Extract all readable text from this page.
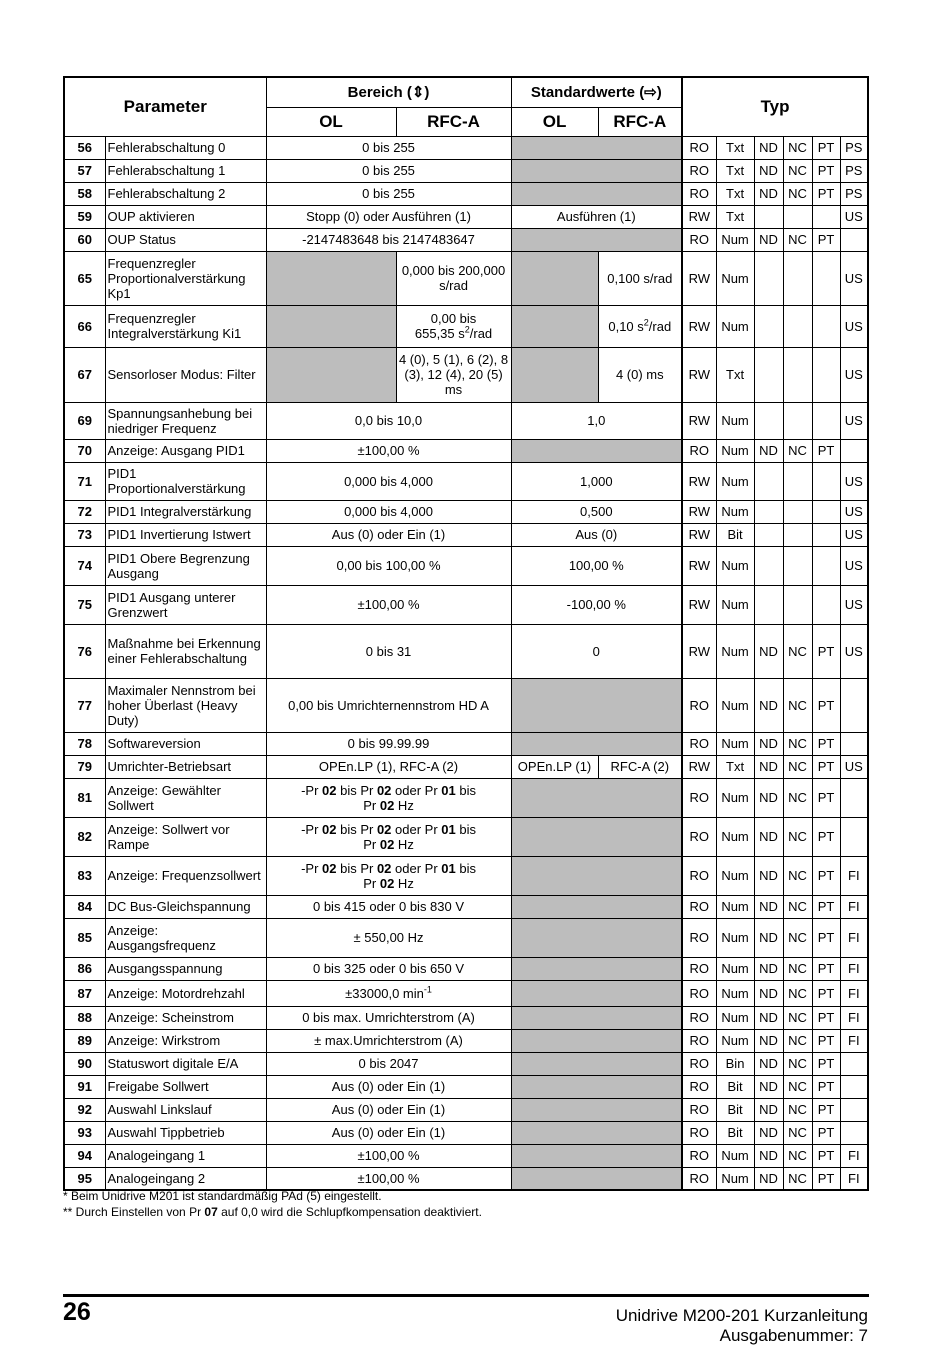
Parameter		Bereich (⇕)		Standardwerte (⇨)		Typ					
		OL	RFC-A	OL	RFC-A						
56	Fehlerabschaltung 0	0 bis 255				RO	Txt	ND	NC	PT	PS
57	Fehlerabschaltung 1	0 bis 255				RO	Txt	ND	NC	PT	PS
58	Fehlerabschaltung 2	0 bis 255				RO	Txt	ND	NC	PT	PS
59	OUP aktivieren	Stopp (0) oder Ausführen (1)		Ausführen (1)		RW	Txt				US
60	OUP Status	-2147483648 bis 2147483647				RO	Num	ND	NC	PT	
65	Frequenzregler Proportionalverstärkung Kp1		0,000 bis 200,000 s/rad		0,100 s/rad	RW	Num				US
66	Frequenzregler Integralverstärkung Ki1		0,00 bis
655,35 $s^2$/rad		0,10 $s^2$/rad	RW	Num				US
67	Sensorloser Modus: Filter		4 (0), 5 (1), 6 (2), 8 (3), 12 (4), 20 (5) ms		4 (0) ms	RW	Txt				US
69	Spannungsanhebung bei niedriger Frequenz	0,0 bis 10,0		1,0		RW	Num				US
70	Anzeige: Ausgang PID1	±100,00 %				RO	Num	ND	NC	PT	
71	PID1 Proportionalverstärkung	0,000 bis 4,000		1,000		RW	Num				US
72	PID1 Integralverstärkung	0,000 bis 4,000		0,500		RW	Num				US
73	PID1 Invertierung Istwert	Aus (0) oder Ein (1)		Aus (0)		RW	Bit				US
74	PID1 Obere Begrenzung Ausgang	0,00 bis 100,00 %		100,00 %		RW	Num				US
75	PID1 Ausgang unterer Grenzwert	±100,00 %		-100,00 %		RW	Num				US
76	Maßnahme bei Erkennung einer Fehlerabschaltung	0 bis 31		0		RW	Num	ND	NC	PT	US
77	Maximaler Nennstrom bei hoher Überlast (Heavy Duty)	0,00 bis Umrichternennstrom HD A				RO	Num	ND	NC	PT	
78	Softwareversion	0 bis 99.99.99				RO	Num	ND	NC	PT	
79	Umrichter-Betriebsart	OPEn.LP (1), RFC-A (2)		OPEn.LP (1)	RFC-A (2)	RW	Txt	ND	NC	PT	US
81	Anzeige: Gewählter Sollwert	-Pr 02 bis Pr 02 oder Pr 01 bis
Pr 02 Hz				RO	Num	ND	NC	PT	
82	Anzeige: Sollwert vor Rampe	-Pr 02 bis Pr 02 oder Pr 01 bis
Pr 02 Hz				RO	Num	ND	NC	PT	
83	Anzeige: Frequenzsollwert	-Pr 02 bis Pr 02 oder Pr 01 bis
Pr 02 Hz				RO	Num	ND	NC	PT	FI
84	DC Bus-Gleichspannung	0 bis 415 oder 0 bis 830 V				RO	Num	ND	NC	PT	FI
85	Anzeige: Ausgangsfrequenz	± 550,00 Hz				RO	Num	ND	NC	PT	FI
86	Ausgangsspannung	0 bis 325 oder 0 bis 650 V				RO	Num	ND	NC	PT	FI
87	Anzeige: Motordrehzahl	±33000,0 $\min^{-1}$				RO	Num	ND	NC	PT	FI
88	Anzeige: Scheinstrom	0 bis max. Umrichterstrom (A)				RO	Num	ND	NC	PT	FI
89	Anzeige: Wirkstrom	± max.Umrichterstrom (A)				RO	Num	ND	NC	PT	FI
90	Statuswort digitale E/A	0 bis 2047				RO	Bin	ND	NC	PT	
91	Freigabe Sollwert	Aus (0) oder Ein (1)				RO	Bit	ND	NC	PT	
92	Auswahl Linkslauf	Aus (0) oder Ein (1)				RO	Bit	ND	NC	PT	
93	Auswahl Tippbetrieb	Aus (0) oder Ein (1)				RO	Bit	ND	NC	PT	
94	Analogeingang 1	±100,00 %				RO	Num	ND	NC	PT	FI
95	Analogeingang 2	±100,00 %				RO	Num	ND	NC	PT	FI
* Beim Unidrive M201 ist standardmäßig PAd (5) eingestellt.
** Durch Einstellen von Pr 07 auf 0,0 wird die Schlupfkompensation deaktiviert.
26	Unidrive M200-201 Kurzanleitung
Ausgabenummer: 7
